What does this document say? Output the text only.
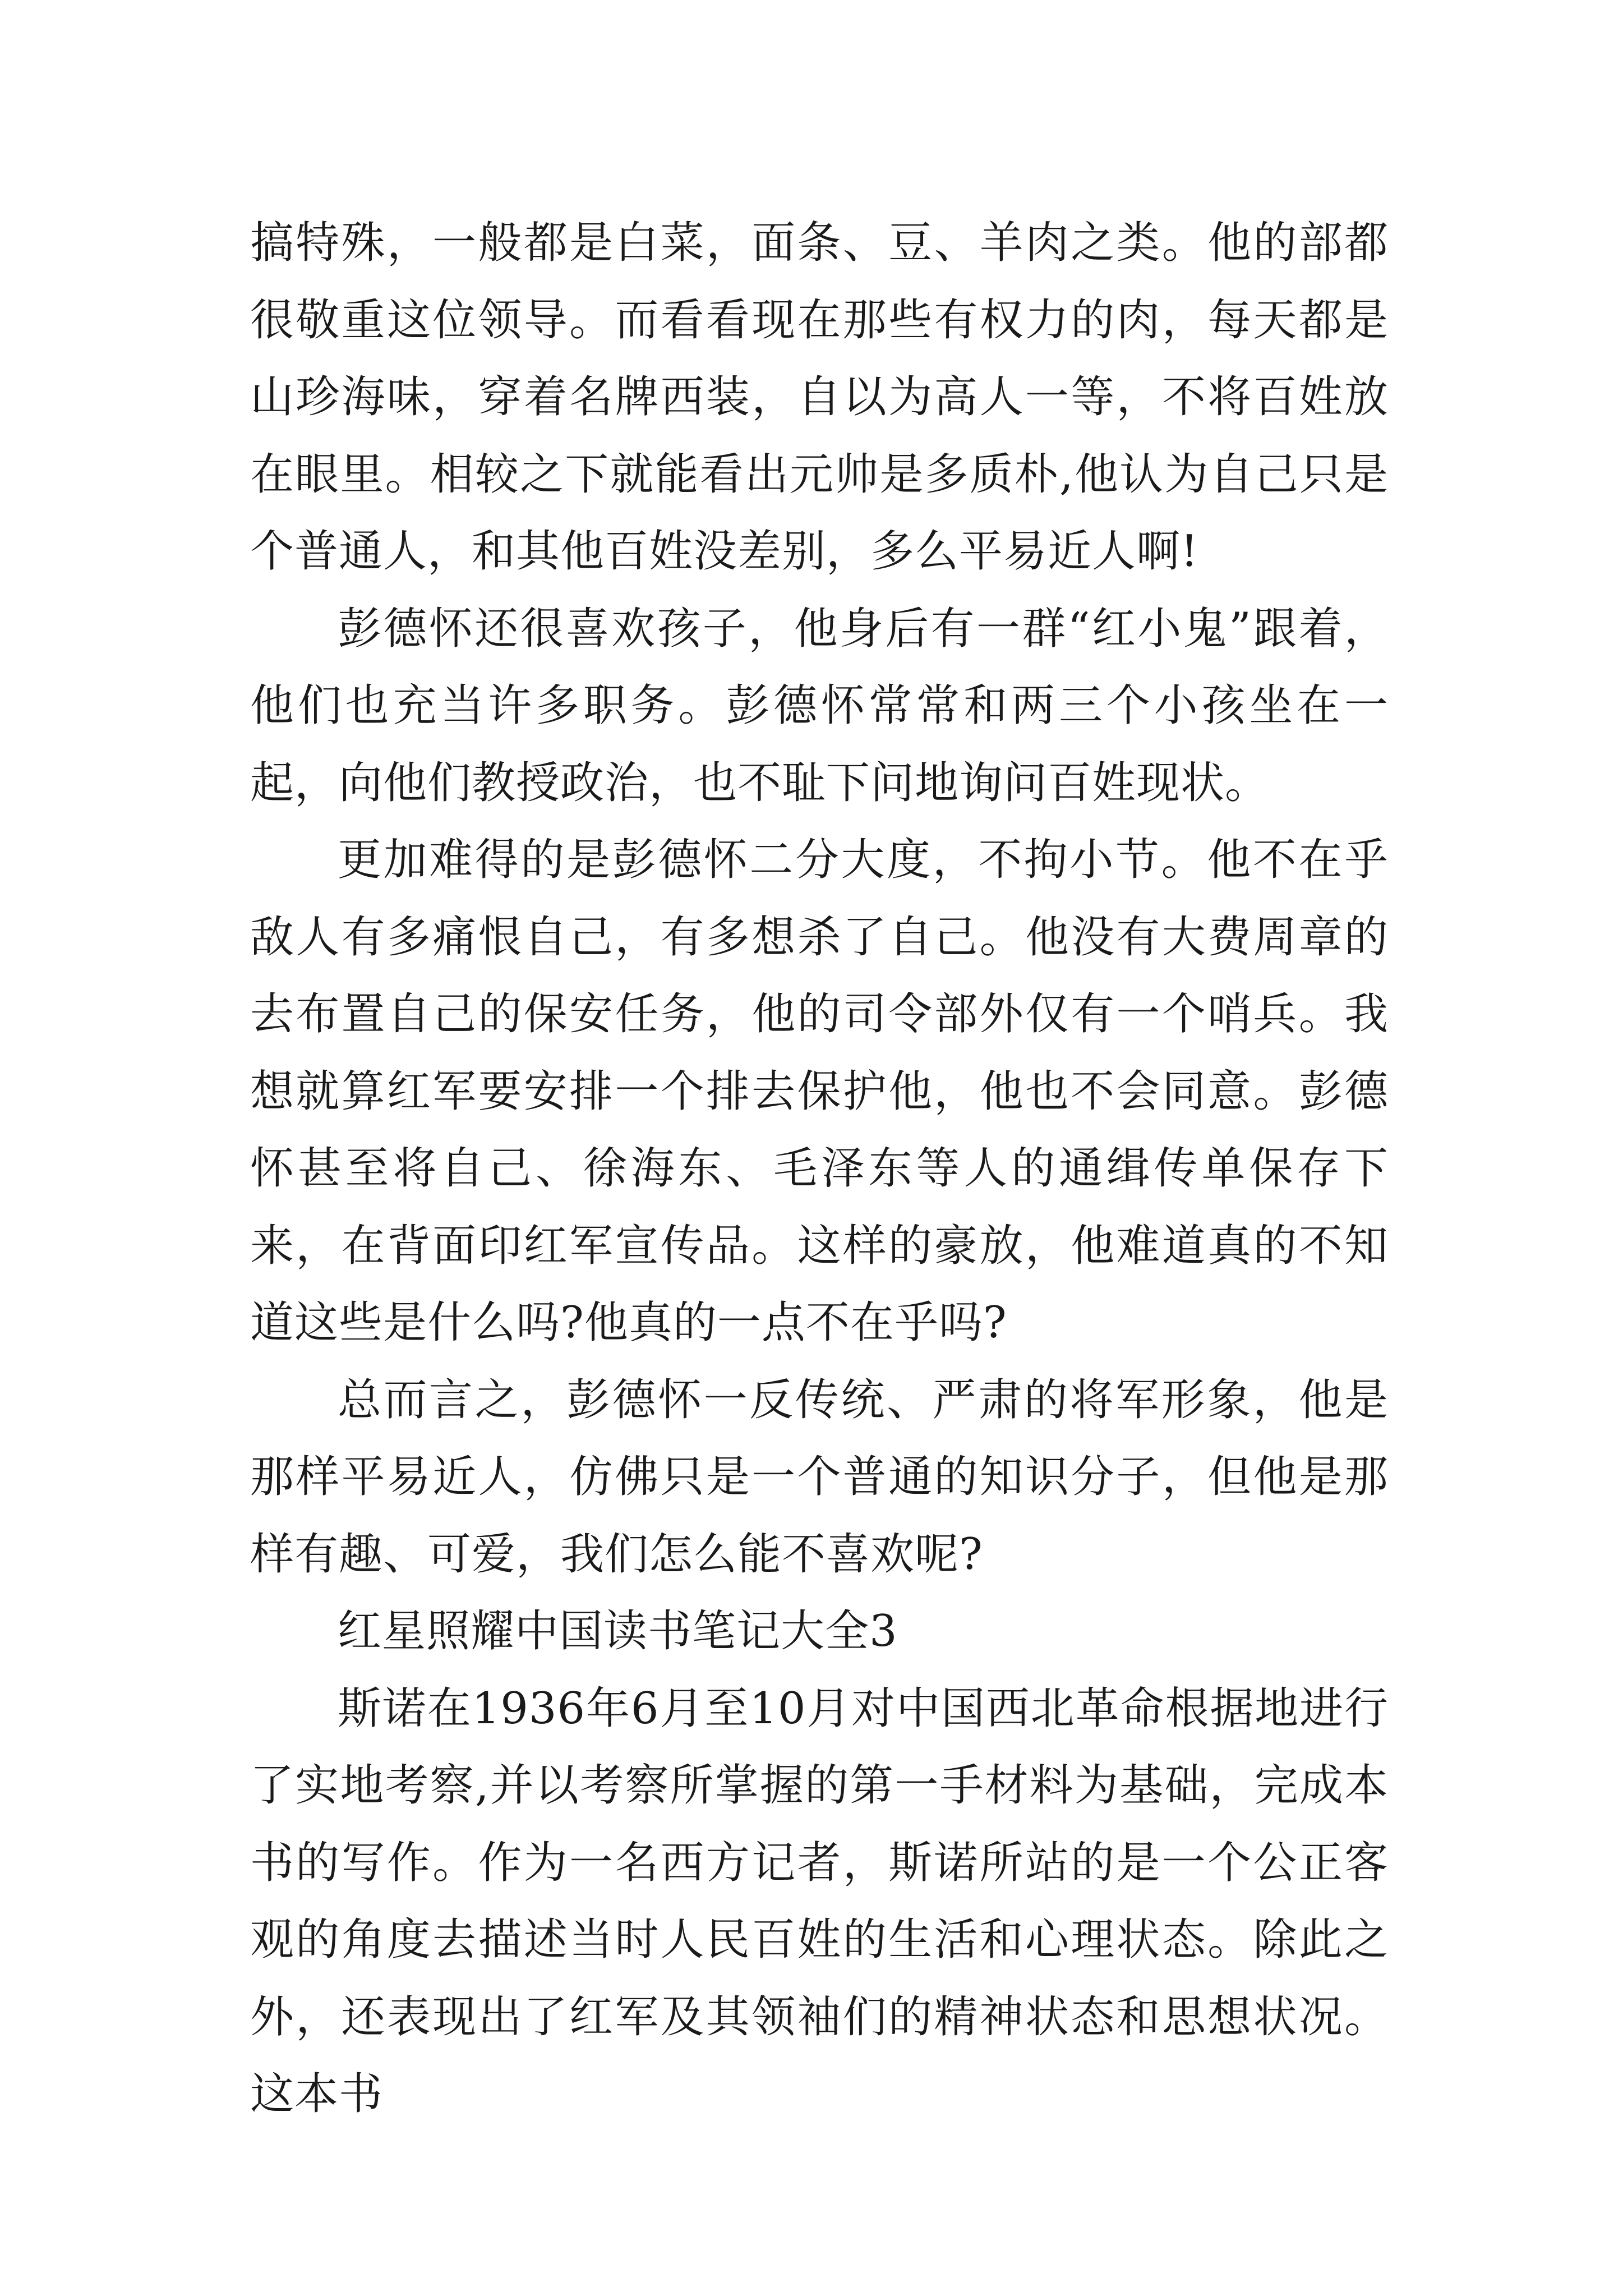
搞特殊，一般都是白菜，面条、豆、羊肉之类。他的部都很敬重这位领导。而看看现在那些有权力的肉，每天都是山珍海味，穿着名牌西装，自以为高人一等，不将百姓放在眼里。相较之下就能看出元帅是多质朴,他认为自己只是个普通人，和其他百姓没差别，多么平易近人啊!

彭德怀还很喜欢孩子，他身后有一群“红小鬼”跟着，他们也充当许多职务。彭德怀常常和两三个小孩坐在一起，向他们教授政治，也不耻下问地询问百姓现状。

更加难得的是彭德怀二分大度，不拘小节。他不在乎敌人有多痛恨自己，有多想杀了自己。他没有大费周章的去布置自己的保安任务，他的司令部外仅有一个哨兵。我想就算红军要安排一个排去保护他，他也不会同意。彭德怀甚至将自己、徐海东、毛泽东等人的通缉传单保存下来，在背面印红军宣传品。这样的豪放，他难道真的不知道这些是什么吗?他真的一点不在乎吗?

总而言之，彭德怀一反传统、严肃的将军形象，他是那样平易近人，仿佛只是一个普通的知识分子，但他是那样有趣、可爱，我们怎么能不喜欢呢?

红星照耀中国读书笔记大全3

斯诺在1936年6月至10月对中国西北革命根据地进行了实地考察,并以考察所掌握的第一手材料为基础，完成本书的写作。作为一名西方记者，斯诺所站的是一个公正客观的角度去描述当时人民百姓的生活和心理状态。除此之外，还表现出了红军及其领袖们的精神状态和思想状况。这本书
